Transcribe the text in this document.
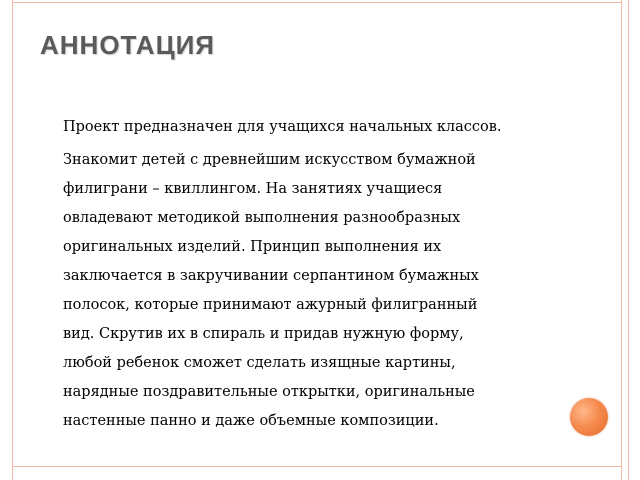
АННОТАЦИЯ

Проект предназначен для учащихся начальных классов.

Знакомит детей с древнейшим искусством бумажной
филиграни – квиллингом. На занятиях учащиеся
овладевают методикой выполнения разнообразных
оригинальных изделий. Принцип выполнения их
заключается в закручивании серпантином бумажных
полосок, которые принимают ажурный филигранный
вид. Скрутив их в спираль и придав нужную форму,
любой ребенок сможет сделать изящные картины,
нарядные поздравительные открытки, оригинальные
настенные панно и даже объемные композиции.
